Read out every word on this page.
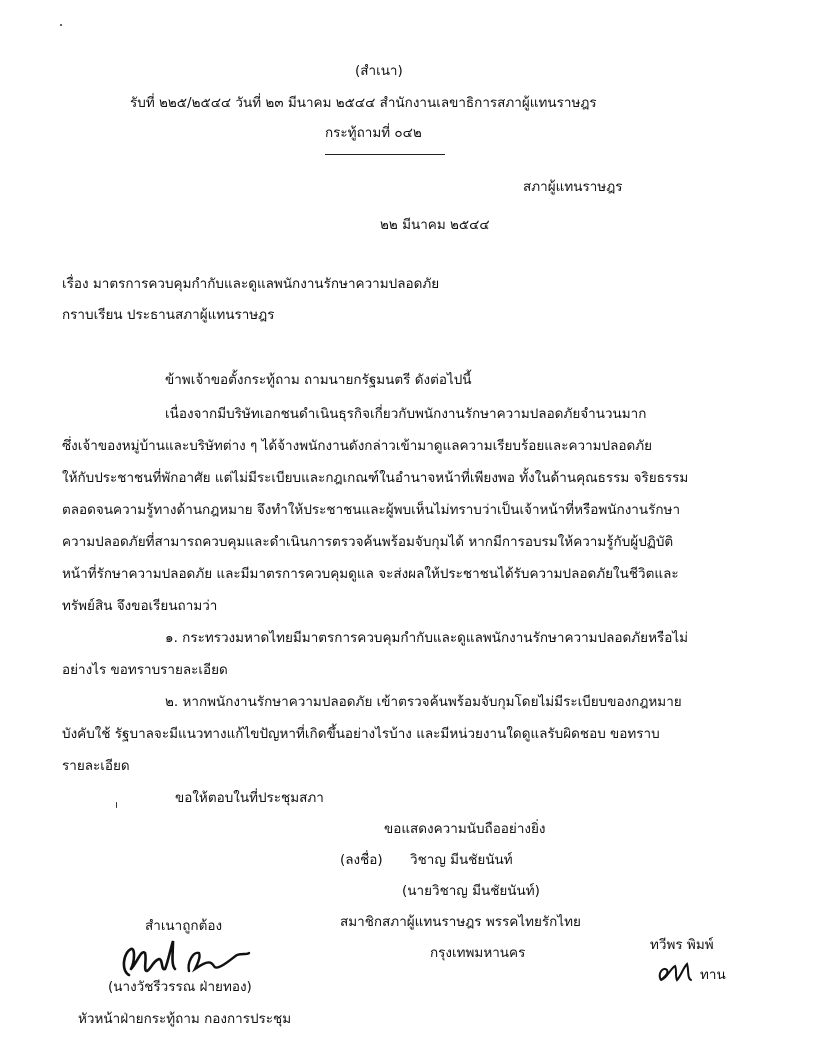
(สำเนา)
รับที่ ๒๒๕/๒๕๔๔ วันที่ ๒๓ มีนาคม ๒๕๔๔ สำนักงานเลขาธิการสภาผู้แทนราษฎร
กระทู้ถามที่ ๐๔๒
สภาผู้แทนราษฎร
๒๒ มีนาคม ๒๕๔๔
เรื่อง มาตรการควบคุมกำกับและดูแลพนักงานรักษาความปลอดภัย
กราบเรียน ประธานสภาผู้แทนราษฎร
ข้าพเจ้าขอตั้งกระทู้ถาม ถามนายกรัฐมนตรี ดังต่อไปนี้
เนื่องจากมีบริษัทเอกชนดำเนินธุรกิจเกี่ยวกับพนักงานรักษาความปลอดภัยจำนวนมาก
ซึ่งเจ้าของหมู่บ้านและบริษัทต่าง ๆ ได้จ้างพนักงานดังกล่าวเข้ามาดูแลความเรียบร้อยและความปลอดภัย
ให้กับประชาชนที่พักอาศัย แต่ไม่มีระเบียบและกฎเกณฑ์ในอำนาจหน้าที่เพียงพอ ทั้งในด้านคุณธรรม จริยธรรม
ตลอดจนความรู้ทางด้านกฎหมาย จึงทำให้ประชาชนและผู้พบเห็นไม่ทราบว่าเป็นเจ้าหน้าที่หรือพนักงานรักษา
ความปลอดภัยที่สามารถควบคุมและดำเนินการตรวจค้นพร้อมจับกุมได้ หากมีการอบรมให้ความรู้กับผู้ปฏิบัติ
หน้าที่รักษาความปลอดภัย และมีมาตรการควบคุมดูแล จะส่งผลให้ประชาชนได้รับความปลอดภัยในชีวิตและ
ทรัพย์สิน จึงขอเรียนถามว่า
๑. กระทรวงมหาดไทยมีมาตรการควบคุมกำกับและดูแลพนักงานรักษาความปลอดภัยหรือไม่
อย่างไร ขอทราบรายละเอียด
๒. หากพนักงานรักษาความปลอดภัย เข้าตรวจค้นพร้อมจับกุมโดยไม่มีระเบียบของกฎหมาย
บังคับใช้ รัฐบาลจะมีแนวทางแก้ไขปัญหาที่เกิดขึ้นอย่างไรบ้าง และมีหน่วยงานใดดูแลรับผิดชอบ ขอทราบ
รายละเอียด
ขอให้ตอบในที่ประชุมสภา
ขอแสดงความนับถืออย่างยิ่ง
(ลงชื่อ) วิชาญ มีนชัยนันท์
(นายวิชาญ มีนชัยนันท์)
สมาชิกสภาผู้แทนราษฎร พรรคไทยรักไทย
กรุงเทพมหานคร
สำเนาถูกต้อง
(นางวัชรีวรรณ ฝ่ายทอง)
หัวหน้าฝ่ายกระทู้ถาม กองการประชุม
ทวีพร พิมพ์
ทาน
